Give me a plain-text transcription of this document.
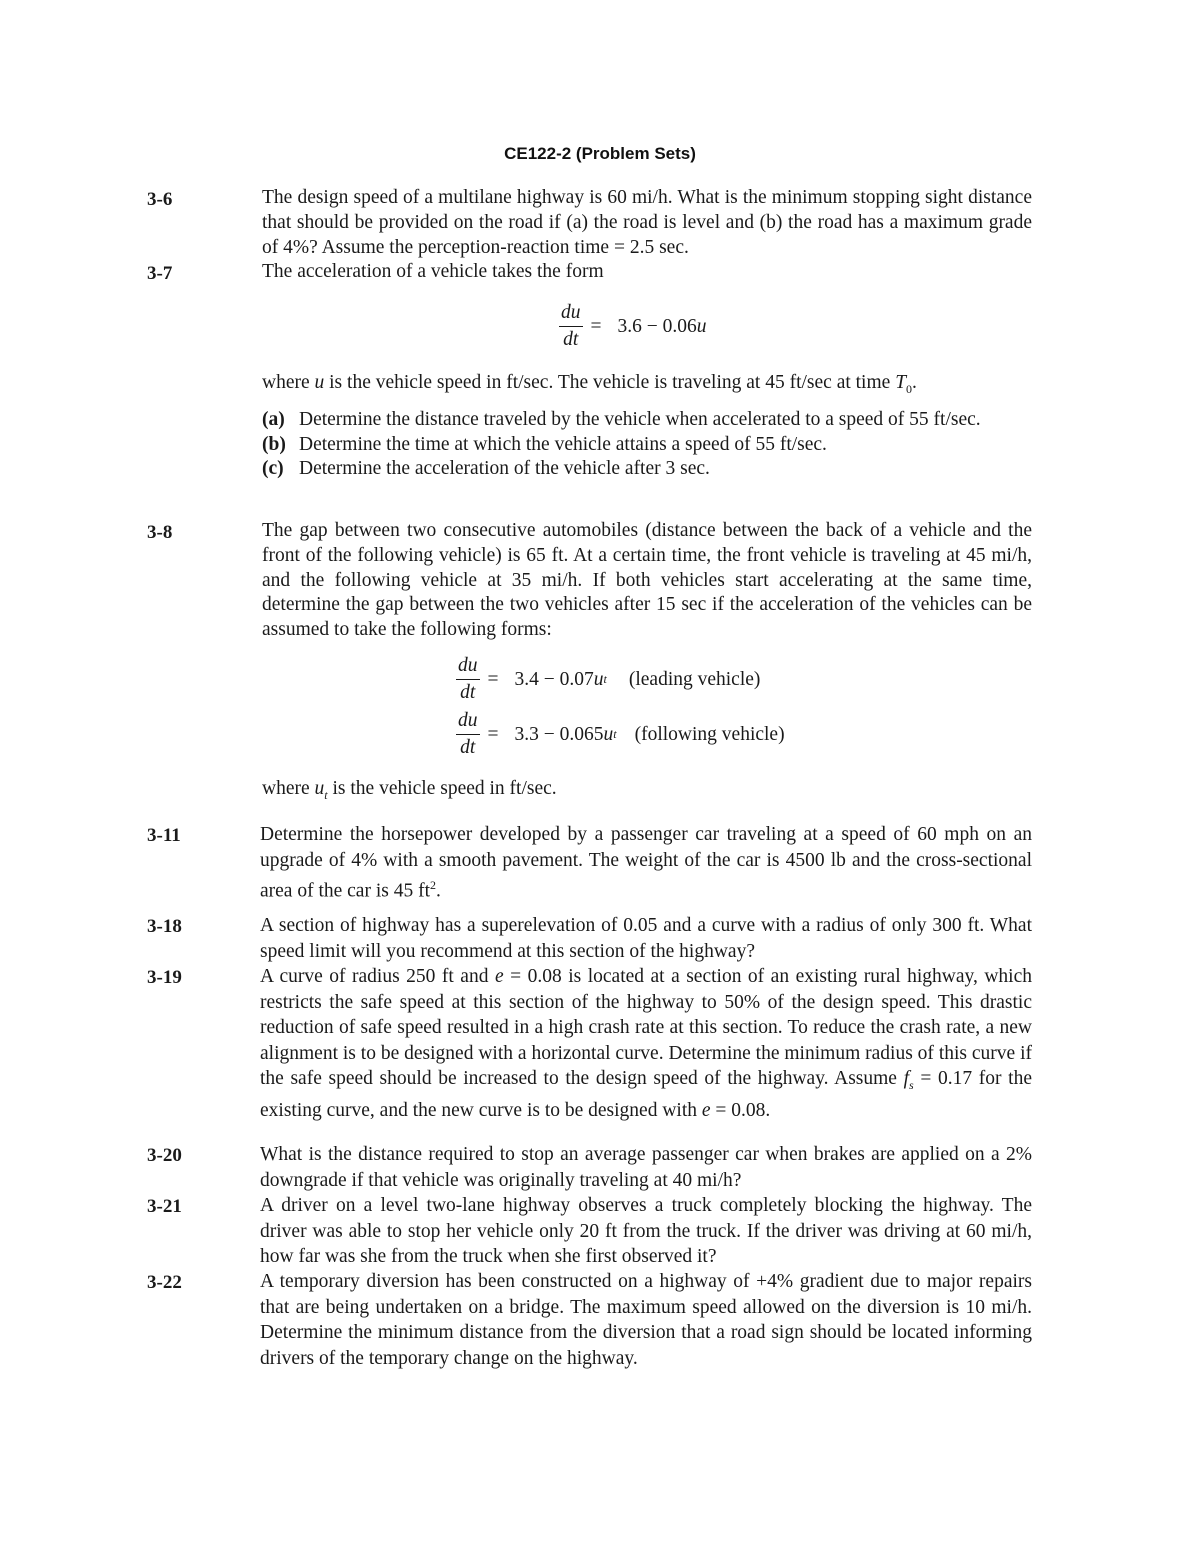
CE122-2 (Problem Sets)
3-6	The design speed of a multilane highway is 60 mi/h. What is the minimum stopping sight distance that should be provided on the road if (a) the road is level and (b) the road has a maximum grade of 4%? Assume the perception-reaction time = 2.5 sec.

3-7	The acceleration of a vehicle takes the form

$\frac{du}{dt} = 3.6 - 0.06$ u

where u is the vehicle speed in ft/sec. The vehicle is traveling at 45 ft/sec at time $T_0$.

(a) Determine the distance traveled by the vehicle when accelerated to a speed of 55 ft/sec.
(b) Determine the time at which the vehicle attains a speed of 55 ft/sec.
(c) Determine the acceleration of the vehicle after 3 sec.
3-8	The gap between two consecutive automobiles (distance between the back of a vehicle and the front of the following vehicle) is 65 ft. At a certain time, the front vehicle is traveling at 45 mi/h, and the following vehicle at 35 mi/h. If both vehicles start accelerating at the same time, determine the gap between the two vehicles after 15 sec if the acceleration of the vehicles can be assumed to take the following forms:

$\frac{du}{dt} = 3.4 - 0.07$ u t (leading vehicle)
$\frac{du}{dt} = 3.3 - 0.065$ u t (following vehicle)

where $u_t$ is the vehicle speed in ft/sec.

3-11	Determine the horsepower developed by a passenger car traveling at a speed of 60 mph on an upgrade of 4% with a smooth pavement. The weight of the car is 4500 lb and the cross-sectional area of the car is 45 $ft^2$.

3-18	A section of highway has a superelevation of 0.05 and a curve with a radius of only 300 ft. What speed limit will you recommend at this section of the highway?

3-19	A curve of radius 250 ft and e = 0.08 is located at a section of an existing rural highway, which restricts the safe speed at this section of the highway to 50% of the design speed. This drastic reduction of safe speed resulted in a high crash rate at this section. To reduce the crash rate, a new alignment is to be designed with a horizontal curve. Determine the minimum radius of this curve if the safe speed should be increased to the design speed of the highway. Assume $f_s = 0.17$ for the existing curve, and the new curve is to be designed with e = 0.08.

3-20	What is the distance required to stop an average passenger car when brakes are applied on a 2% downgrade if that vehicle was originally traveling at 40 mi/h?

3-21	A driver on a level two-lane highway observes a truck completely blocking the highway. The driver was able to stop her vehicle only 20 ft from the truck. If the driver was driving at 60 mi/h, how far was she from the truck when she first observed it?

3-22	A temporary diversion has been constructed on a highway of +4% gradient due to major repairs that are being undertaken on a bridge. The maximum speed allowed on the diversion is 10 mi/h. Determine the minimum distance from the diversion that a road sign should be located informing drivers of the temporary change on the highway.
